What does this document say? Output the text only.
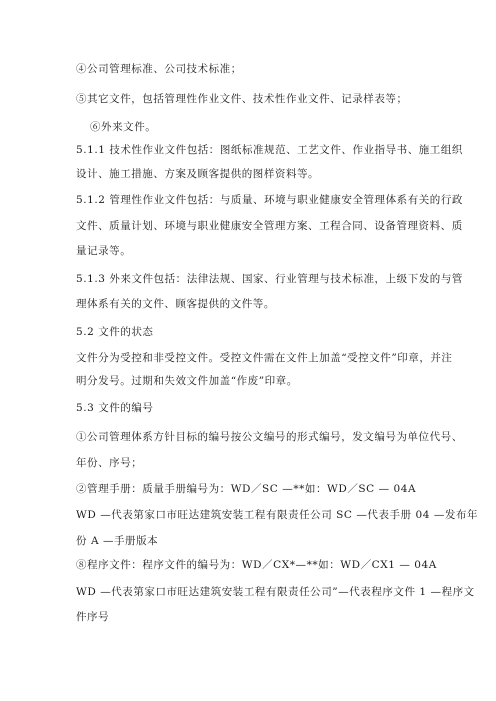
④公司管理标准、公司技术标准；
⑤其它文件，包括管理性作业文件、技术性作业文件、记录样表等；
⑥外来文件。
5.1.1 技术性作业文件包括：图纸标准规范、工艺文件、作业指导书、施工组织
设计、施工措施、方案及顾客提供的图样资料等。
5.1.2 管理性作业文件包括：与质量、环境与职业健康安全管理体系有关的行政
文件、质量计划、环境与职业健康安全管理方案、工程合同、设备管理资料、质
量记录等。
5.1.3 外来文件包括：法律法规、国家、行业管理与技术标准，上级下发的与管
理体系有关的文件、顾客提供的文件等。
5.2 文件的状态
文件分为受控和非受控文件。受控文件需在文件上加盖“受控文件”印章，并注
明分发号。过期和失效文件加盖“作废”印章。
5.3 文件的编号
①公司管理体系方针目标的编号按公文编号的形式编号，发文编号为单位代号、
年份、序号；
②管理手册：质量手册编号为：WD／SC —**如：WD／SC — 04A
WD —代表第家口市旺达建筑安装工程有限责任公司 SC —代表手册 04 —发布年
份 A —手册版本
⑧程序文件：程序文件的编号为：WD／CX*—**如：WD／CX1 — 04A
WD —代表第家口市旺达建筑安装工程有限责任公司”—代表程序文件 1 —程序文
件序号
